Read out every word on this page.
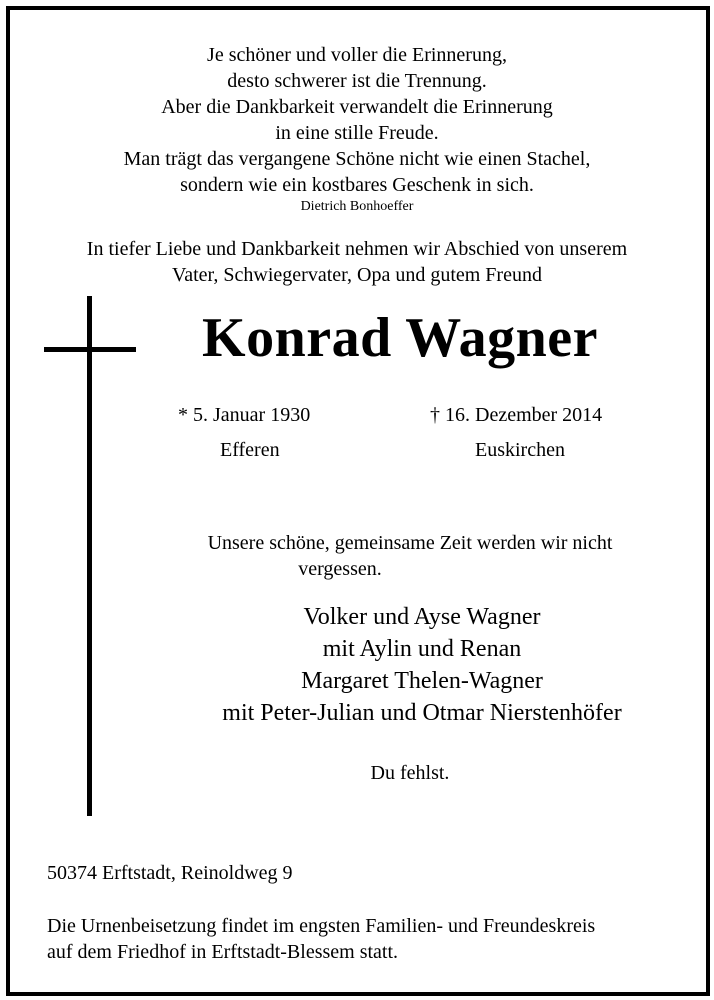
Je schöner und voller die Erinnerung,
desto schwerer ist die Trennung.
Aber die Dankbarkeit verwandelt die Erinnerung
in eine stille Freude.
Man trägt das vergangene Schöne nicht wie einen Stachel,
sondern wie ein kostbares Geschenk in sich.
Dietrich Bonhoeffer
In tiefer Liebe und Dankbarkeit nehmen wir Abschied von unserem
Vater, Schwiegervater, Opa und gutem Freund
Konrad Wagner
* 5. Januar 1930
Efferen
† 16. Dezember 2014
Euskirchen
Unsere schöne, gemeinsame Zeit werden wir nicht
vergessen.
Volker und Ayse Wagner
mit Aylin und Renan
Margaret Thelen-Wagner
mit Peter-Julian und Otmar Nierstenhöfer
Du fehlst.
50374 Erftstadt, Reinoldweg 9
Die Urnenbeisetzung findet im engsten Familien- und Freundeskreis
auf dem Friedhof in Erftstadt-Blessem statt.
